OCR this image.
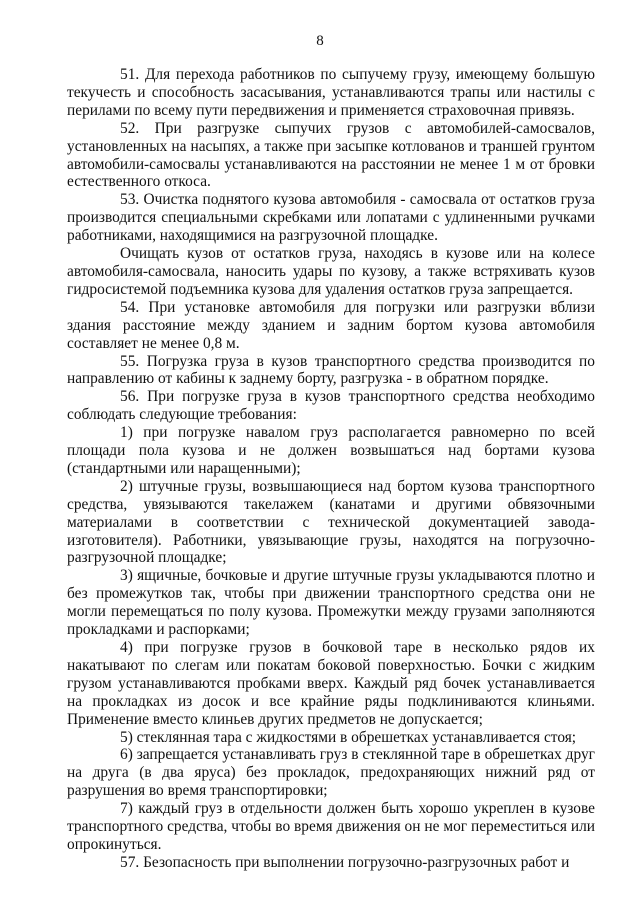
8

51. Для перехода работников по сыпучему грузу, имеющему большую текучесть и способность засасывания, устанавливаются трапы или настилы с перилами по всему пути передвижения и применяется страховочная привязь.

52. При разгрузке сыпучих грузов с автомобилей-самосвалов, установленных на насыпях, а также при засыпке котлованов и траншей грунтом автомобили-самосвалы устанавливаются на расстоянии не менее 1 м от бровки естественного откоса.

53. Очистка поднятого кузова автомобиля - самосвала от остатков груза производится специальными скребками или лопатами с удлиненными ручками работниками, находящимися на разгрузочной площадке.

Очищать кузов от остатков груза, находясь в кузове или на колесе автомобиля-самосвала, наносить удары по кузову, а также встряхивать кузов гидросистемой подъемника кузова для удаления остатков груза запрещается.

54. При установке автомобиля для погрузки или разгрузки вблизи здания расстояние между зданием и задним бортом кузова автомобиля составляет не менее 0,8 м.

55. Погрузка груза в кузов транспортного средства производится по направлению от кабины к заднему борту, разгрузка - в обратном порядке.

56. При погрузке груза в кузов транспортного средства необходимо соблюдать следующие требования:

1) при погрузке навалом груз располагается равномерно по всей площади пола кузова и не должен возвышаться над бортами кузова (стандартными или наращенными);

2) штучные грузы, возвышающиеся над бортом кузова транспортного средства, увязываются такелажем (канатами и другими обвязочными материалами в соответствии с технической документацией завода-изготовителя). Работники, увязывающие грузы, находятся на погрузочно-разгрузочной площадке;

3) ящичные, бочковые и другие штучные грузы укладываются плотно и без промежутков так, чтобы при движении транспортного средства они не могли перемещаться по полу кузова. Промежутки между грузами заполняются прокладками и распорками;

4) при погрузке грузов в бочковой таре в несколько рядов их накатывают по слегам или покатам боковой поверхностью. Бочки с жидким грузом устанавливаются пробками вверх. Каждый ряд бочек устанавливается на прокладках из досок и все крайние ряды подклиниваются клиньями. Применение вместо клиньев других предметов не допускается;

5) стеклянная тара с жидкостями в обрешетках устанавливается стоя;

6) запрещается устанавливать груз в стеклянной таре в обрешетках друг на друга (в два яруса) без прокладок, предохраняющих нижний ряд от разрушения во время транспортировки;

7) каждый груз в отдельности должен быть хорошо укреплен в кузове транспортного средства, чтобы во время движения он не мог переместиться или опрокинуться.

57. Безопасность при выполнении погрузочно-разгрузочных работ и
